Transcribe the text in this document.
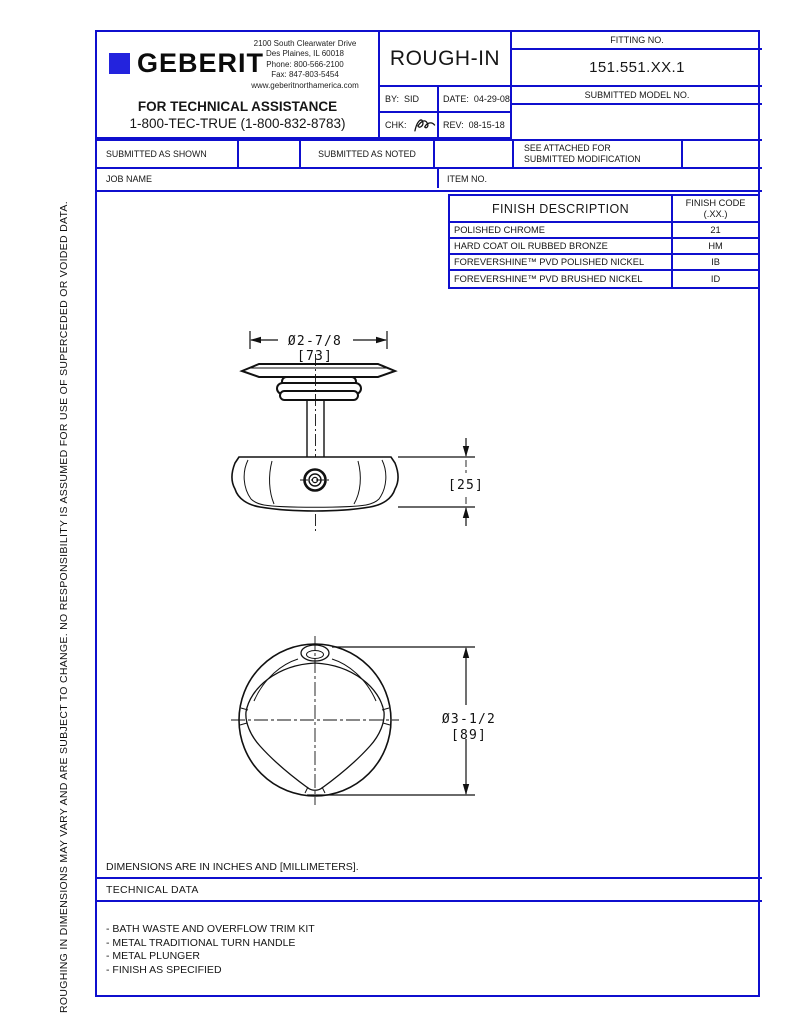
ROUGHING IN DIMENSIONS MAY VARY AND ARE SUBJECT TO CHANGE. NO RESPONSIBILITY IS ASSUMED FOR USE OF SUPERCEDED OR VOIDED DATA.
GEBERIT
2100 South Clearwater Drive
Des Plaines, IL 60018
Phone: 800-566-2100
Fax: 847-803-5454
www.geberitnorthamerica.com
FOR TECHNICAL ASSISTANCE
1-800-TEC-TRUE (1-800-832-8783)
ROUGH-IN
BY: SID	DATE: 04-29-08
CHK:	REV: 08-15-18
FITTING NO.
151.551.XX.1
SUBMITTED MODEL NO.
SUBMITTED AS SHOWN	SUBMITTED AS NOTED
SEE ATTACHED FOR
SUBMITTED MODIFICATION
JOB NAME	ITEM NO.
Ø2-7/8
[73]
[25]
Ø3-1/2
[89]
FINISH DESCRIPTION	FINISH CODE
(.XX.)
POLISHED CHROME	21
HARD COAT OIL RUBBED BRONZE	HM
FOREVERSHINE™ PVD POLISHED NICKEL	IB
FOREVERSHINE™ PVD BRUSHED NICKEL	ID
DIMENSIONS ARE IN INCHES AND [MILLIMETERS].
TECHNICAL DATA
- BATH WASTE AND OVERFLOW TRIM KIT
- METAL TRADITIONAL TURN HANDLE
- METAL PLUNGER
- FINISH AS SPECIFIED
